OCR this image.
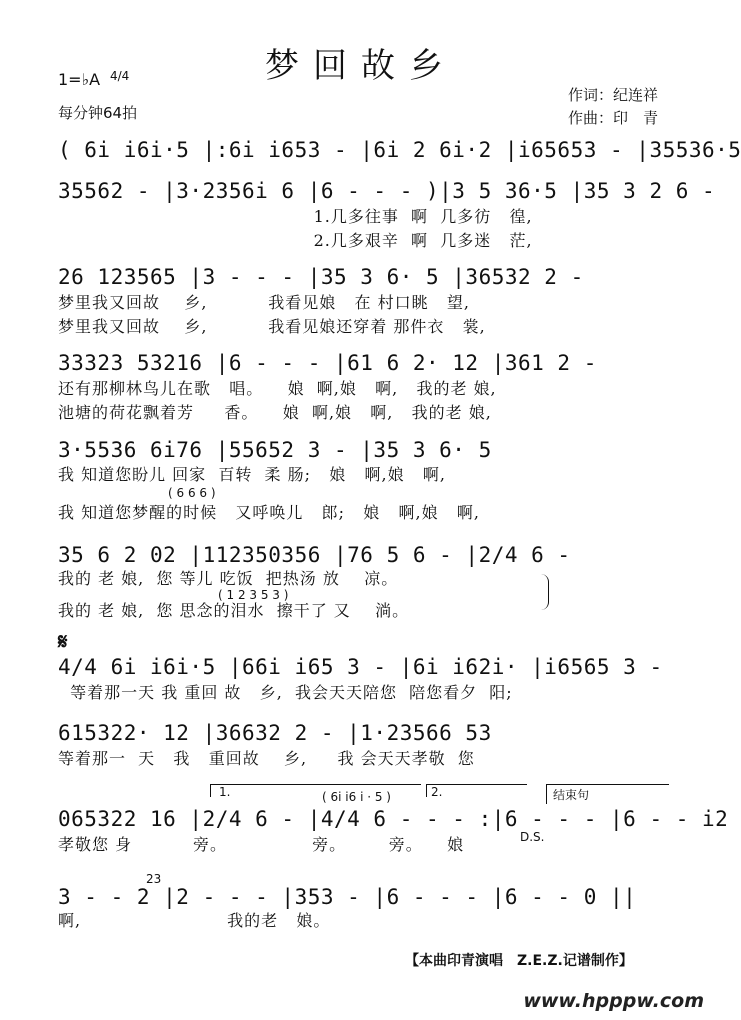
梦回故乡
1=♭A 4/4
每分钟64拍
作词：纪连祥
作曲：印　青
( 6i i6i·5 |:6i i653 - |6i 2 6i·2 |i65653 - |35536·5
35562 - |3·2356i 6 |6 - - - )|3 5 36·5 |35 3 2 6 -
1.几多往事  啊  几多彷   徨,
2.几多艰辛  啊  几多迷   茫,
26 123565 |3 - - - |35 3 6· 5 |36532 2 -
梦里我又回故    乡,          我看见娘   在 村口眺   望,
梦里我又回故    乡,          我看见娘还穿着 那件衣   裳,
33323 53216 |6 - - - |61 6 2· 12 |361 2 -
还有那柳林鸟儿在歌   唱。    娘  啊,娘   啊,   我的老 娘,
池塘的荷花飘着芳     香。    娘  啊,娘   啊,   我的老 娘,
3·5536 6i76 |55652 3 - |35 3 6· 5
我 知道您盼儿 回家  百转  柔 肠;   娘   啊,娘   啊,
( 6 6 6 )
我 知道您梦醒的时候   又呼唤儿   郎;   娘   啊,娘   啊,
35 6 2 02 |112350356 |76 5 6 - |2/4 6 -
我的 老 娘,  您 等儿 吃饭  把热汤 放    凉。
( 1 2 3 5 3 )
我的 老 娘,  您 思念的泪水  擦干了 又    淌。
𝄋
4/4 6i i6i·5 |66i i65 3 - |6i i62i· |i6565 3 -
等着那一天 我 重回 故   乡,  我会天天陪您  陪您看夕  阳;
615322· 12 |36632 2 - |1·23566 53
等着那一  天   我   重回故    乡,     我 会天天孝敬  您
1.	( 6i i6 i · 5 )	2.	结束句
065322 16 |2/4 6 - |4/4 6 - - - :|6 - - - |6 - - i2
孝敬您 身          旁。              旁。       旁。    娘	D.S.
23
3 - - 2 |2 - - - |353 - |6 - - - |6 - - 0 ||
啊,                        我的老   娘。
【本曲印青演唱　Z.E.Z.记谱制作】
www.hpppw.com
